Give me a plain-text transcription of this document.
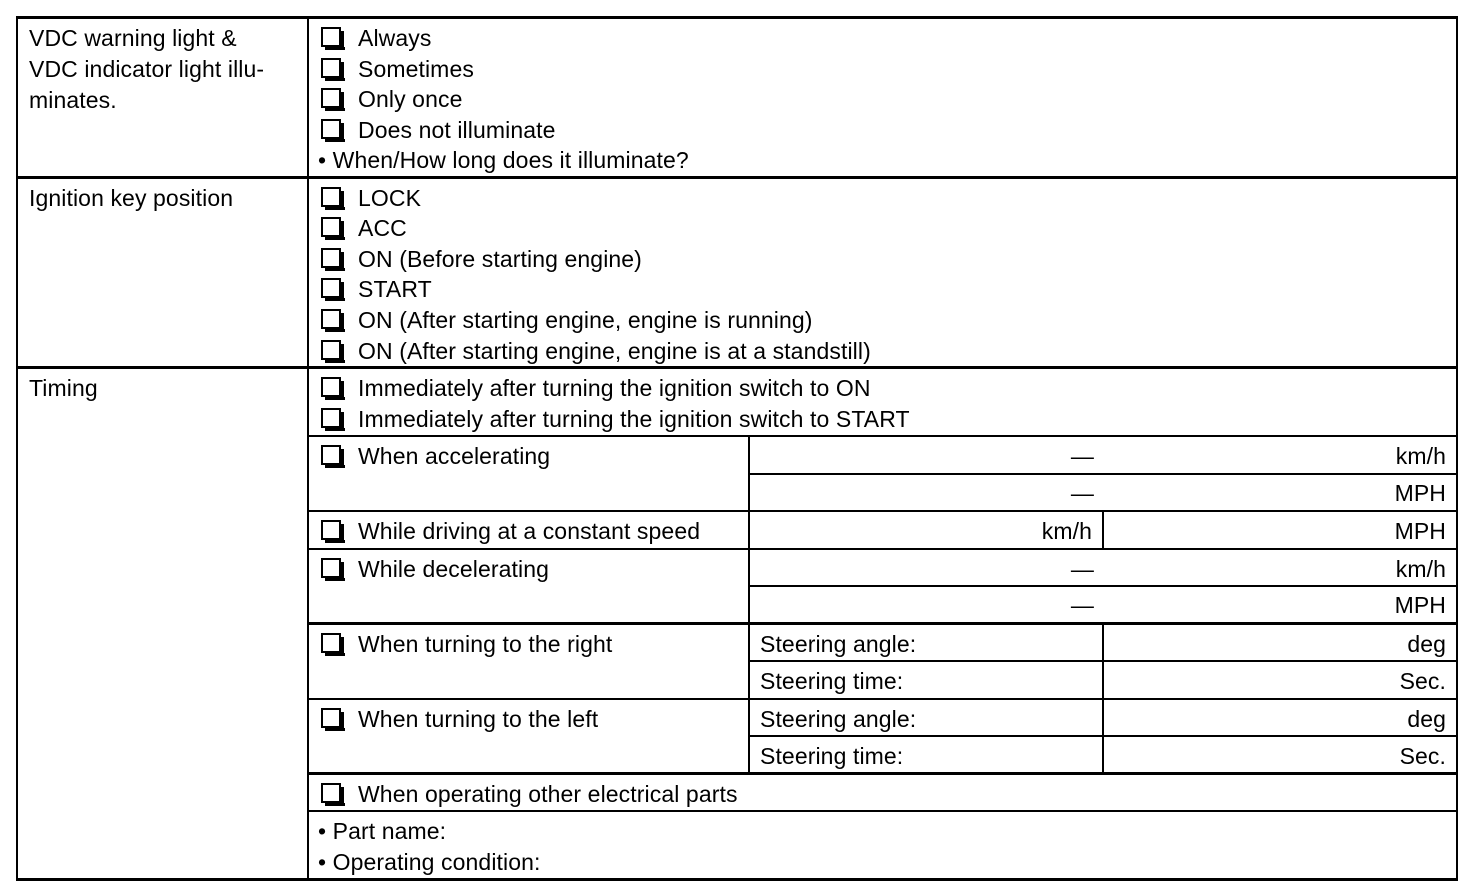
VDC warning light &
VDC indicator light illu-
minates.
Always
Sometimes
Only once
Does not illuminate
• When/How long does it illuminate?
Ignition key position	LOCK
ACC
ON (Before starting engine)
START
ON (After starting engine, engine is running)
ON (After starting engine, engine is at a standstill)
Timing	Immediately after turning the ignition switch to ON
Immediately after turning the ignition switch to START
When accelerating	—	km/h
—	MPH
While driving at a constant speed	km/h	MPH
While decelerating	—	km/h
—	MPH
When turning to the right	Steering angle:	deg
Steering time:	Sec.
When turning to the left	Steering angle:	deg
Steering time:	Sec.
When operating other electrical parts
• Part name:
• Operating condition:
